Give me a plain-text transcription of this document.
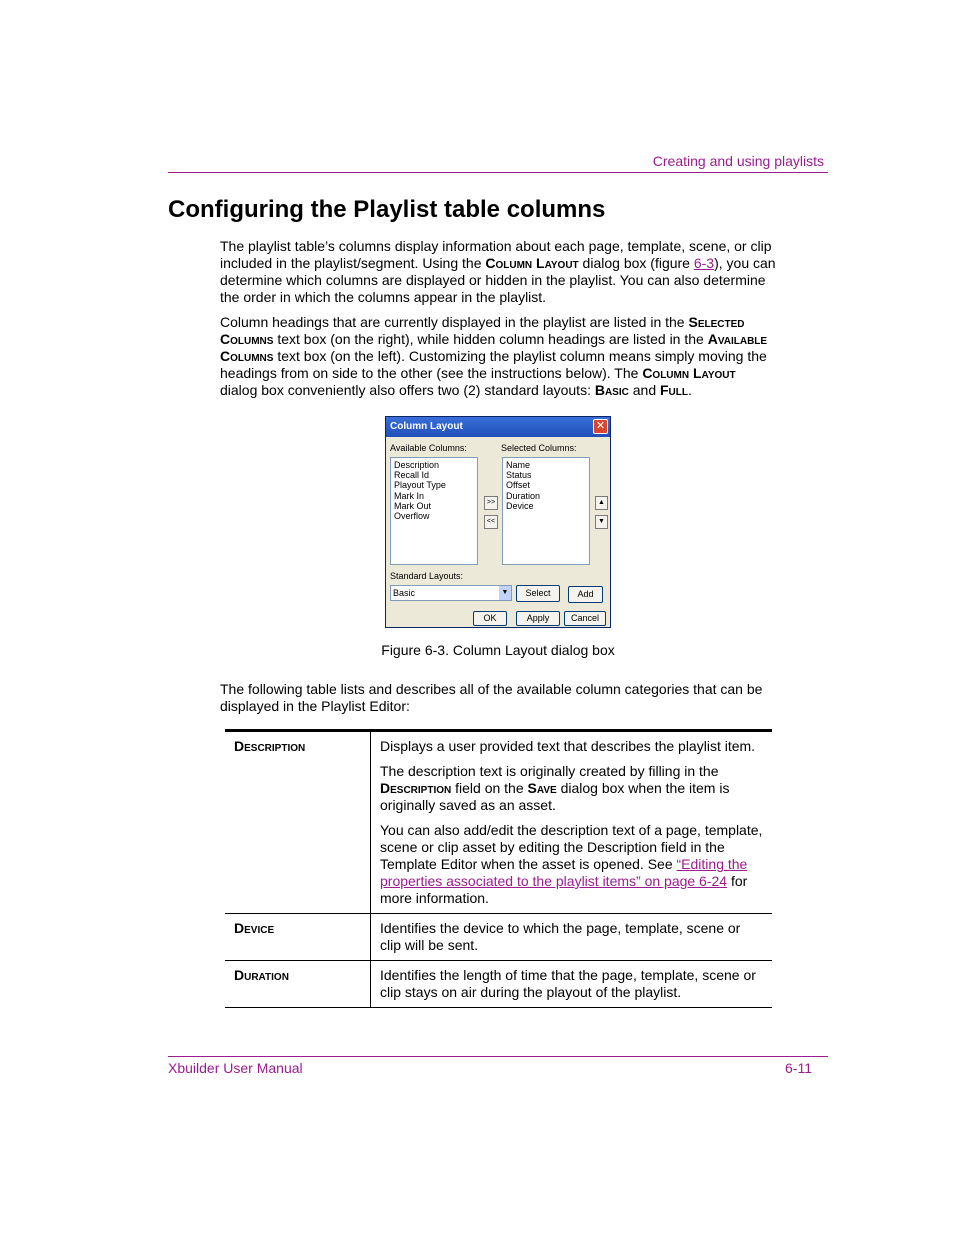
Creating and using playlists
Configuring the Playlist table columns
The playlist table’s columns display information about each page, template, scene, or clip included in the playlist/segment. Using the Column Layout dialog box (figure 6-3), you can determine which columns are displayed or hidden in the playlist. You can also determine the order in which the columns appear in the playlist.
Column headings that are currently displayed in the playlist are listed in the Selected Columns text box (on the right), while hidden column headings are listed in the Available Columns text box (on the left). Customizing the playlist column means simply moving the headings from on side to the other (see the instructions below). The Column Layout dialog box conveniently also offers two (2) standard layouts: Basic and Full.
Column Layout	✕
Available Columns:	Selected Columns:
Description
Recall Id
Playout Type
Mark In
Mark Out
Overflow
>>
<<
Name
Status
Offset
Duration
Device	▲
▼
Standard Layouts:
Basic	▼	Select	Add
OK	Apply	Cancel
Figure 6-3. Column Layout dialog box
The following table lists and describes all of the available column categories that can be displayed in the Playlist Editor:
Description	Displays a user provided text that describes the playlist item.

The description text is originally created by filling in the Description field on the Save dialog box when the item is originally saved as an asset.

You can also add/edit the description text of a page, template, scene or clip asset by editing the Description field in the Template Editor when the asset is opened. See “Editing the properties associated to the playlist items” on page 6-24 for more information.

Device	Identifies the device to which the page, template, scene or clip will be sent.
Duration	Identifies the length of time that the page, template, scene or clip stays on air during the playout of the playlist.
Xbuilder User Manual	6-11
